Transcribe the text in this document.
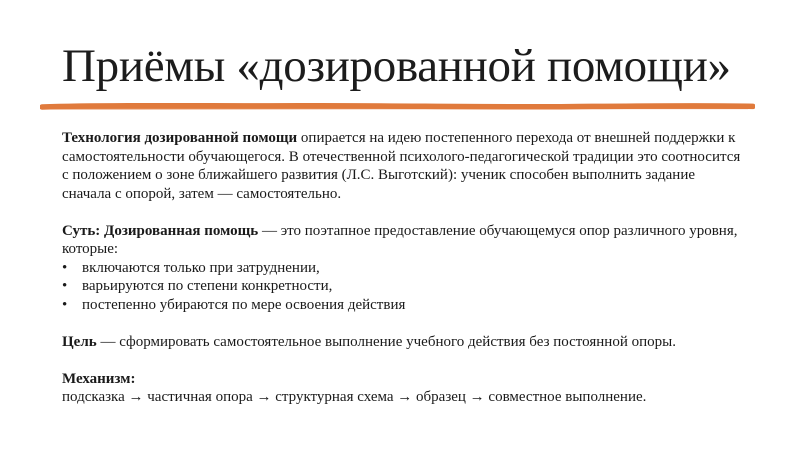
Приёмы «дозированной помощи»

Технология дозированной помощи опирается на идею постепенного перехода от внешней поддержки к самостоятельности обучающегося. В отечественной психолого-педагогической традиции это соотносится с положением о зоне ближайшего развития (Л.С. Выготский): ученик способен выполнить задание сначала с опорой, затем — самостоятельно.

Суть: Дозированная помощь — это поэтапное предоставление обучающемуся опор различного уровня, которые:

• включаются только при затруднении,
• варьируются по степени конкретности,
• постепенно убираются по мере освоения действия

Цель — сформировать самостоятельное выполнение учебного действия без постоянной опоры.

Механизм:

подсказка → частичная опора → структурная схема → образец → совместное выполнение.
